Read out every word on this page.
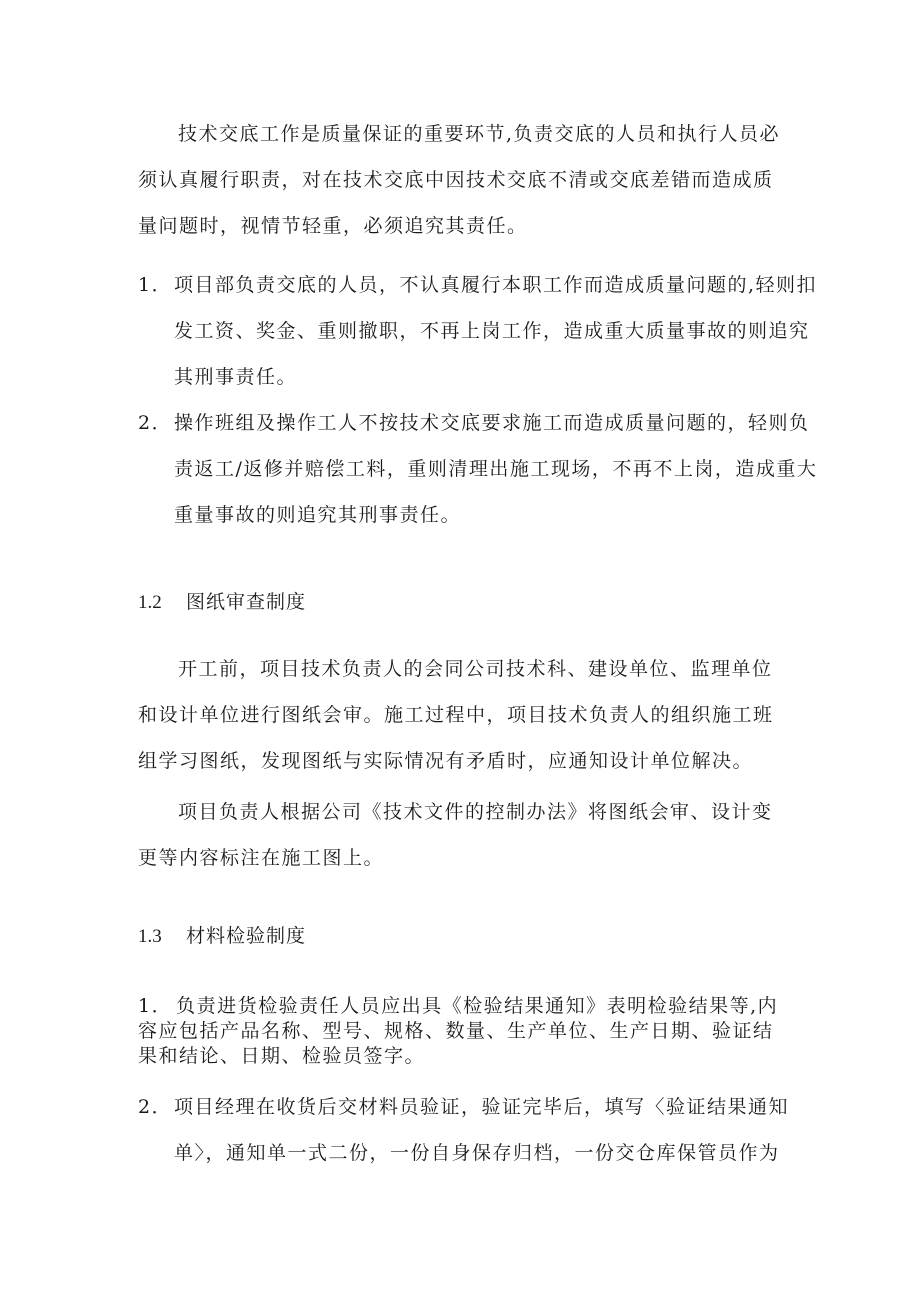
技术交底工作是质量保证的重要环节,负责交底的人员和执行人员必须认真履行职责，对在技术交底中因技术交底不清或交底差错而造成质量问题时，视情节轻重，必须追究其责任。

1． 项目部负责交底的人员，不认真履行本职工作而造成质量问题的,轻则扣发工资、奖金、重则撤职，不再上岗工作，造成重大质量事故的则追究其刑事责任。

2． 操作班组及操作工人不按技术交底要求施工而造成质量问题的，轻则负责返工/返修并赔偿工料，重则清理出施工现场，不再不上岗，造成重大重量事故的则追究其刑事责任。

1.2 图纸审查制度

开工前，项目技术负责人的会同公司技术科、建设单位、监理单位和设计单位进行图纸会审。施工过程中，项目技术负责人的组织施工班组学习图纸，发现图纸与实际情况有矛盾时，应通知设计单位解决。

项目负责人根据公司《技术文件的控制办法》将图纸会审、设计变更等内容标注在施工图上。

1.3 材料检验制度

1． 负责进货检验责任人员应出具《检验结果通知》表明检验结果等,内容应包括产品名称、型号、规格、数量、生产单位、生产日期、验证结果和结论、日期、检验员签字。

2． 项目经理在收货后交材料员验证，验证完毕后，填写〈验证结果通知单〉，通知单一式二份，一份自身保存归档，一份交仓库保管员作为
